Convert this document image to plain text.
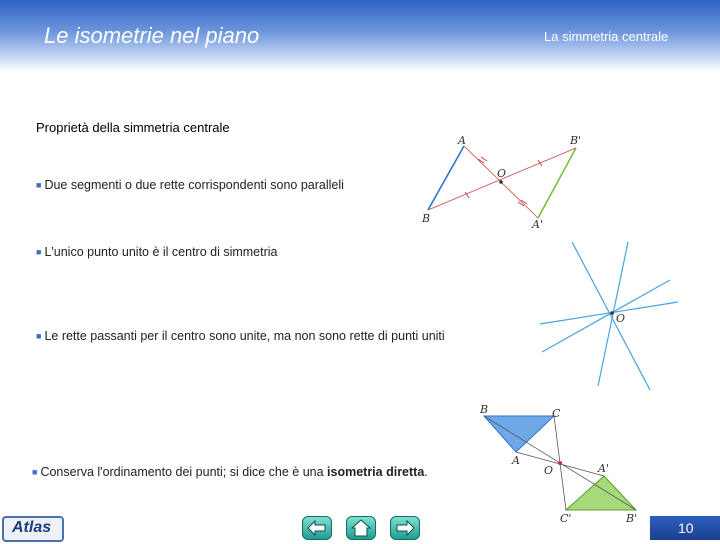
Le isometrie nel piano	La simmetria centrale
Proprietà della simmetria centrale
■ Due segmenti o due rette corrispondenti sono paralleli
■ L'unico punto unito è il centro di simmetria
■ Le rette passanti per il centro sono unite, ma non sono rette di punti uniti
■ Conserva l'ordinamento dei punti; si dice che è una isometria diretta.
A
B
O
A'
B'
O
B	C
A
O	A'
B'
C'
Atlas	10
